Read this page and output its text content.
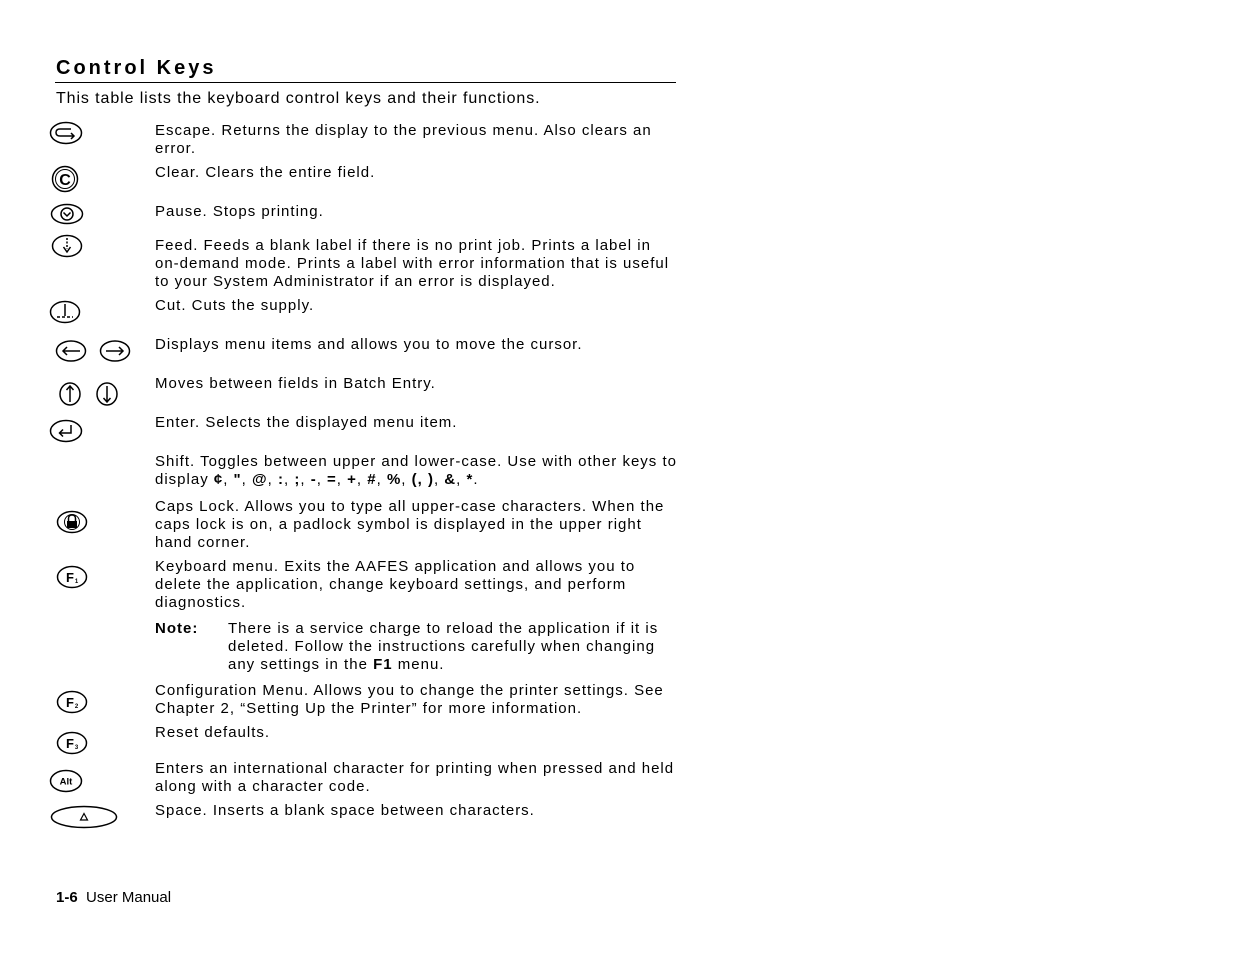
Control Keys
This table lists the keyboard control keys and their functions.
Escape. Returns the display to the previous menu. Also clears an error.
C	Clear. Clears the entire field.
Pause. Stops printing.
Feed. Feeds a blank label if there is no print job. Prints a label in on-demand mode. Prints a label with error information that is useful to your System Administrator if an error is displayed.
Cut. Cuts the supply.
Displays menu items and allows you to move the cursor.
Moves between fields in Batch Entry.
Enter. Selects the displayed menu item.
Shift. Toggles between upper and lower-case. Use with other keys to display ¢, ", @, :, ;, -, =, +, #, %, (, ), &, *.
Caps Lock. Allows you to type all upper-case characters. When the caps lock is on, a padlock symbol is displayed in the upper right hand corner.
F 1
Keyboard menu. Exits the AAFES application and allows you to delete the application, change keyboard settings, and perform diagnostics.
Note: There is a service charge to reload the application if it is deleted. Follow the instructions carefully when changing any settings in the F1 menu.
F 2
Configuration Menu. Allows you to change the printer settings. See Chapter 2, “Setting Up the Printer” for more information.
F 3
Reset defaults.
Alt
Enters an international character for printing when pressed and held along with a character code.
Space. Inserts a blank space between characters.
1-6 User Manual
